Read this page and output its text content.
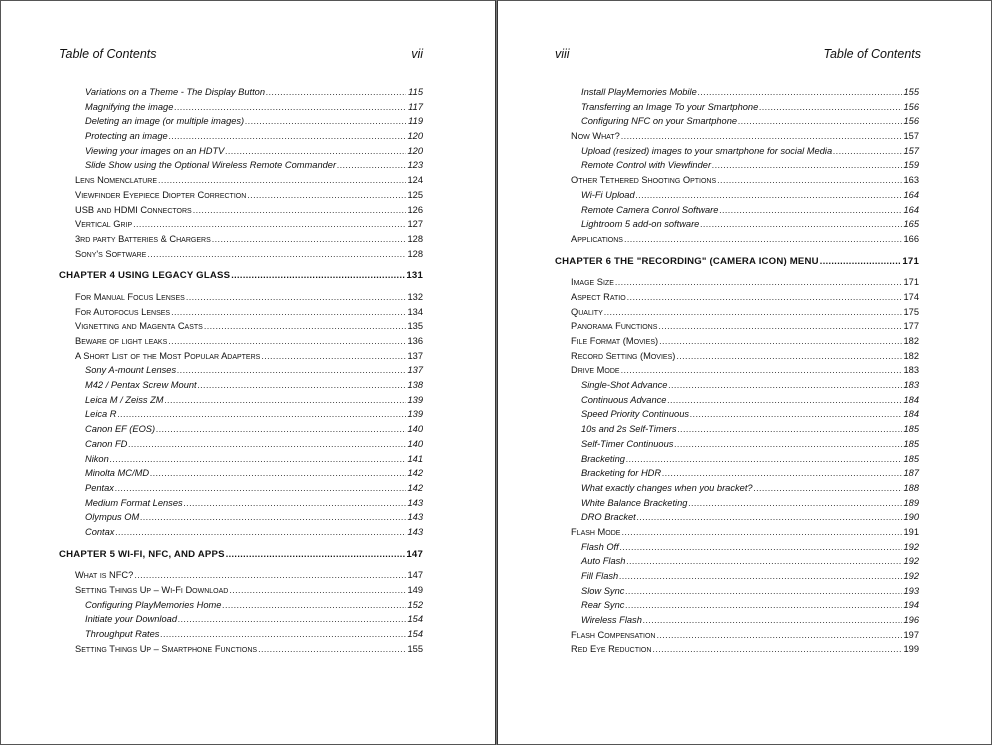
Table of Contents	vii
Variations on a Theme - The Display Button .....	115
Magnifying the image .....	117
Deleting an image (or multiple images) .....	119
Protecting an image .....	120
Viewing your images on an HDTV .....	120
Slide Show using the Optional Wireless Remote Commander .....	123
Lens Nomenclature .....	124
Viewfinder Eyepiece Diopter Correction .....	125
USB and HDMI Connectors .....	126
Vertical Grip .....	127
3rd party Batteries & Chargers .....	128
Sony's Software .....	128
CHAPTER 4 USING LEGACY GLASS .....	131
For Manual Focus Lenses .....	132
For Autofocus Lenses .....	134
Vignetting and Magenta Casts .....	135
Beware of light leaks .....	136
A Short List of the Most Popular Adapters .....	137
Sony A-mount Lenses .....	137
M42 / Pentax Screw Mount .....	138
Leica M / Zeiss ZM .....	139
Leica R .....	139
Canon EF (EOS) .....	140
Canon FD .....	140
Nikon .....	141
Minolta MC/MD .....	142
Pentax .....	142
Medium Format Lenses .....	143
Olympus OM .....	143
Contax .....	143
CHAPTER 5 WI-FI, NFC, AND APPS .....	147
What is NFC? .....	147
Setting Things Up – Wi-Fi Download .....	149
Configuring PlayMemories Home .....	152
Initiate your Download .....	154
Throughput Rates .....	154
Setting Things Up – Smartphone Functions .....	155
viii	Table of Contents
Install PlayMemories Mobile .....	155
Transferring an Image To your Smartphone .....	156
Configuring NFC on your Smartphone .....	156
Now What? .....	157
Upload (resized) images to your smartphone for social Media .....	157
Remote Control with Viewfinder .....	159
Other Tethered Shooting Options .....	163
Wi-Fi Upload .....	164
Remote Camera Conrol Software .....	164
Lightroom 5 add-on software .....	165
Applications .....	166
CHAPTER 6 THE "RECORDING" (CAMERA ICON) MENU .....	171
Image Size .....	171
Aspect Ratio .....	174
Quality .....	175
Panorama Functions .....	177
File Format (Movies) .....	182
Record Setting (Movies) .....	182
Drive Mode .....	183
Single-Shot Advance .....	183
Continuous Advance .....	184
Speed Priority Continuous .....	184
10s and 2s Self-Timers .....	185
Self-Timer Continuous .....	185
Bracketing .....	185
Bracketing for HDR .....	187
What exactly changes when you bracket? .....	188
White Balance Bracketing .....	189
DRO Bracket .....	190
Flash Mode .....	191
Flash Off .....	192
Auto Flash .....	192
Fill Flash .....	192
Slow Sync .....	193
Rear Sync .....	194
Wireless Flash .....	196
Flash Compensation .....	197
Red Eye Reduction .....	199
